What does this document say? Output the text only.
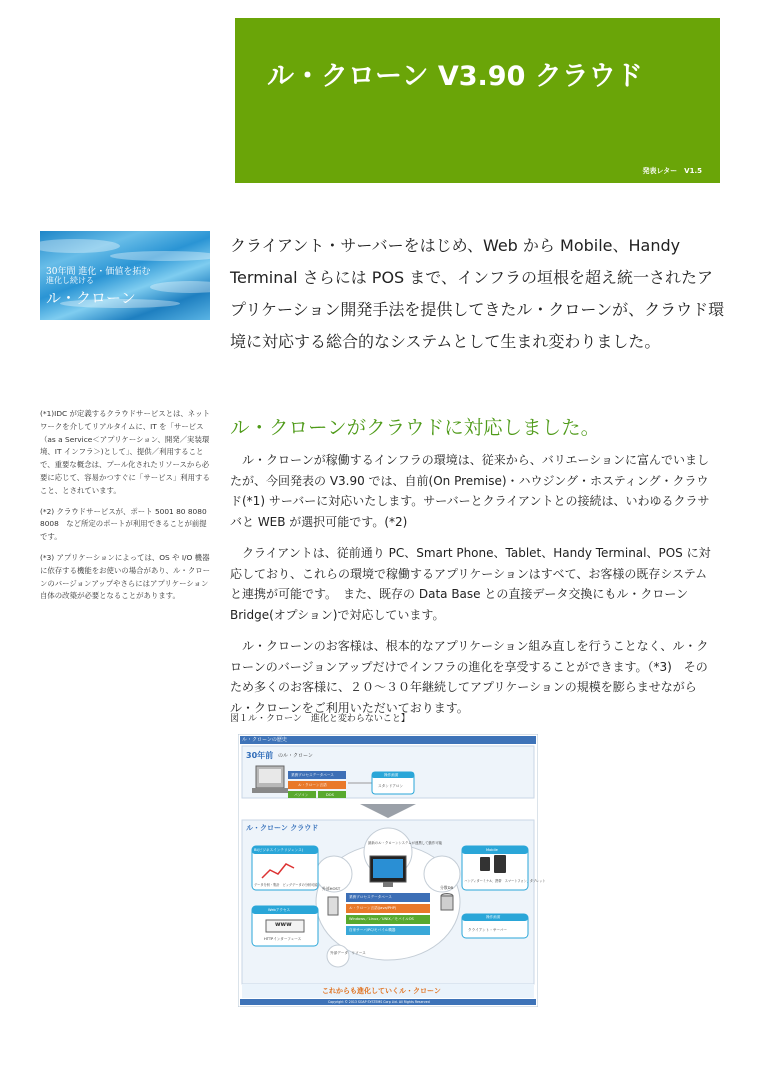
ル・クローン V3.90 クラウド
発表レター　V1.5
30年間 進化・価値を拓む
進化し続ける
ル・クローン
クライアント・サーバーをはじめ、Web から Mobile、Handy Terminal さらには POS まで、インフラの垣根を超え統一されたアプリケーション開発手法を提供してきたル・クローンが、クラウド環境に対応する総合的なシステムとして生まれ変わりました。

(*1)IDC が定義するクラウドサービスとは、ネットワークを介してリアルタイムに、IT を「サービス（as a Service＜アプリケーション、開発／実装環境、IT インフラ＞)として」、提供／利用することで、重要な概念は、プール化されたリソースから必要に応じて、容易かつすぐに「サービス」利用すること、とされています。

(*2) クラウドサービスが、ポート 5001 80 8080 8008　など所定のポートが利用できることが前提です。

(*3) アプリケーションによっては、OS や I/O 機器に依存する機能をお使いの場合があり、ル・クローンのバージョンアップやさらにはアプリケーション自体の改築が必要となることがあります。

ル・クローンがクラウドに対応しました。

　ル・クローンが稼働するインフラの環境は、従来から、バリエーションに富んでいましたが、今回発表の V3.90 では、自前(On Premise)・ハウジング・ホスティング・クラウド(*1) サーバーに対応いたします。サーバーとクライアントとの接続は、いわゆるクラサバと WEB が選択可能です。(*2)

　クライアントは、従前通り PC、Smart Phone、Tablet、Handy Terminal、POS に対応しており、これらの環境で稼働するアプリケーションはすべて、お客様の既存システムと連携が可能です。　また、既存の Data Base との直接データ交換にもル・クローン Bridge(オプション)で対応しています。

　ル・クローンのお客様は、根本的なアプリケーション組み直しを行うことなく、ル・クローンのバージョンアップだけでインフラの進化を享受することができます。（*3)　そのため多くのお客様に、２０～３０年継続してアプリケーションの規模を膨らませながらル・クローンをご利用いただいております。

図１ル・クローン　進化と変わらないこと】
ル・クローンの歴史
30年前 のル・クローン
業務プロセスデータベース
ル・クローン言語
パソコン	DOS
操作画面
スタンドアロン
ル・クローン クラウド
BI(ビジネスインテリジェンス)
データ分析・集計　ビッグデータの分析可能
Webアクセス
www
HTTPインターフェース
最新のル・クローンシステムが連携して動作可能
外部HOST	分散DB
業務プロセスデータベース
ル・クローン言語(Java/PHP)
Windows／Linux／UNIX／モバイルOS
自家サーバ/PC/モバイル機器
外部データ　リソース
Mobile
ハンディターミナル、携帯　スマートフォン、タブレット
操作画面
クライアント・サーバー
これからも進化していくル・クローン
Copyright © 2013 SOAP SYSTEMS Corp Ltd. All Rights Reserved
